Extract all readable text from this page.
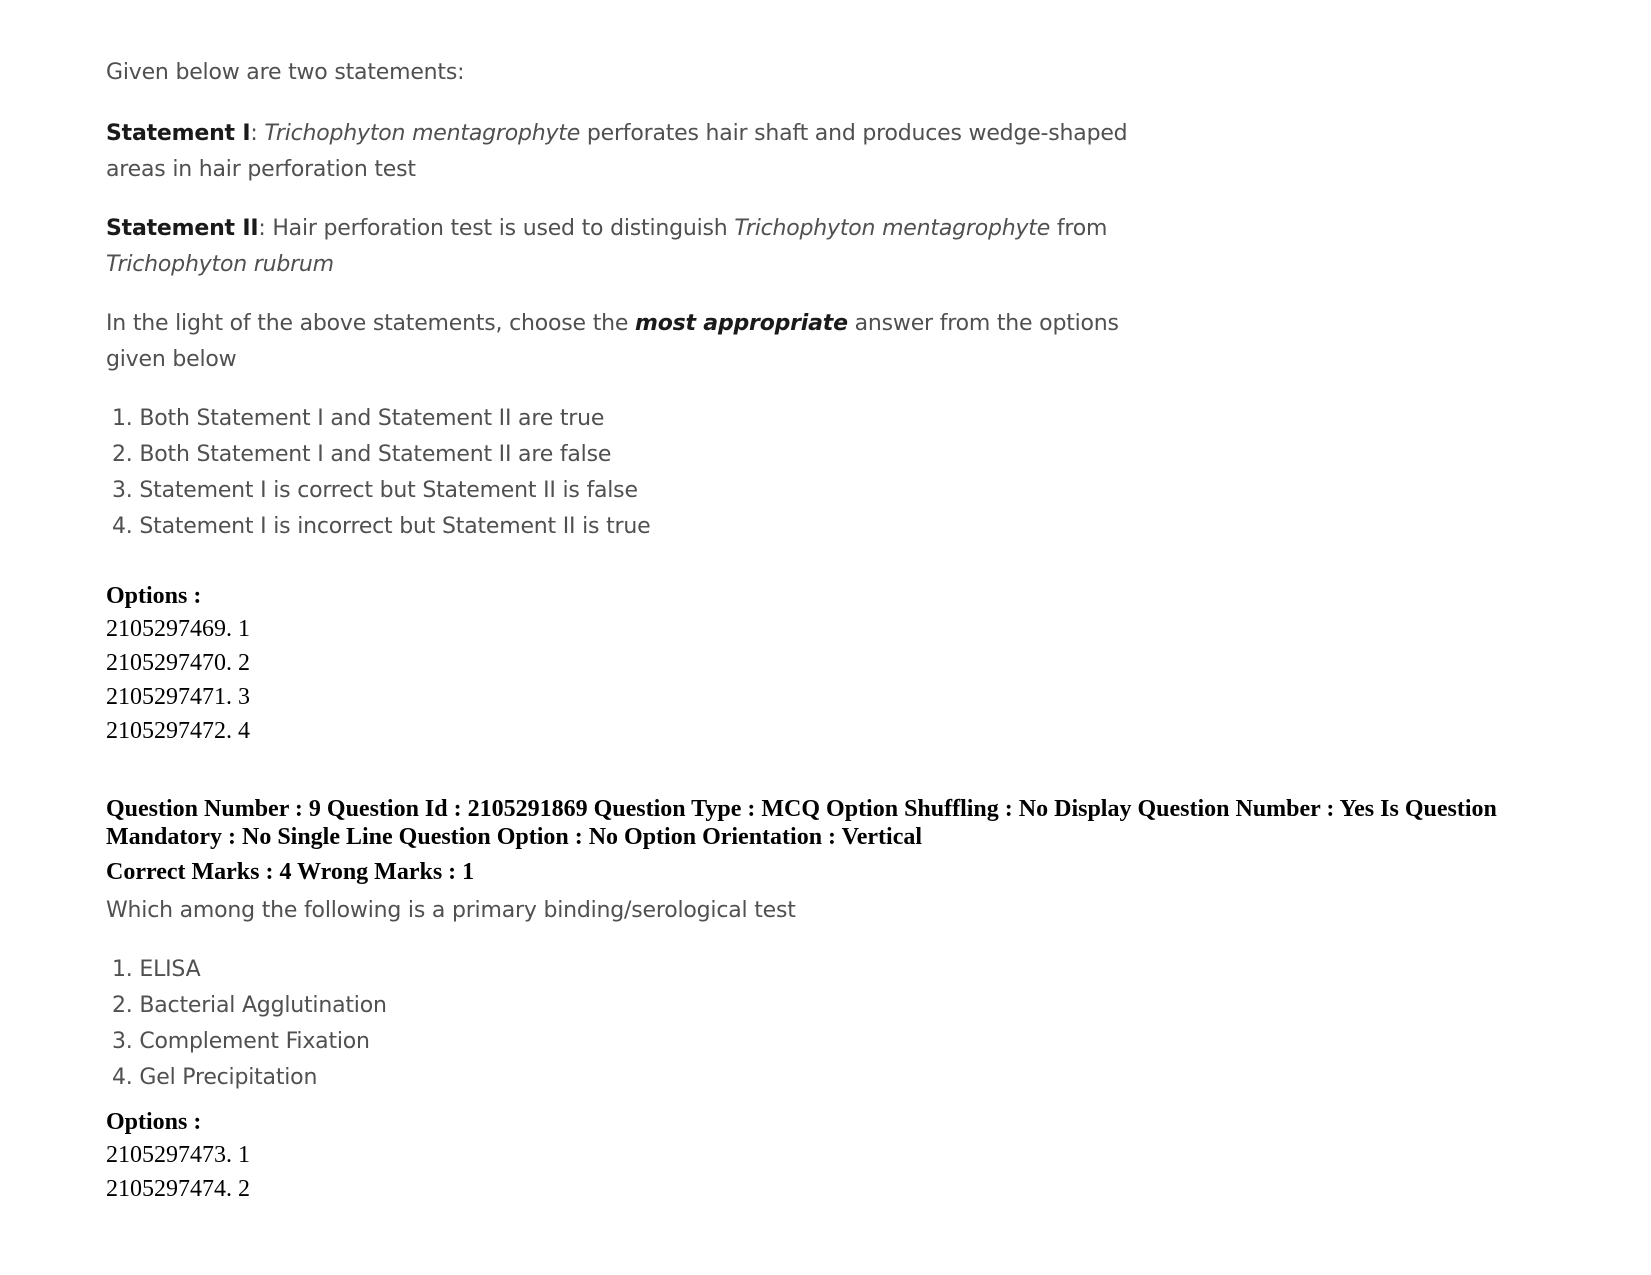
Given below are two statements:
Statement I: Trichophyton mentagrophyte perforates hair shaft and produces wedge-shaped
areas in hair perforation test
Statement II: Hair perforation test is used to distinguish Trichophyton mentagrophyte from
Trichophyton rubrum
In the light of the above statements, choose the most appropriate answer from the options
given below
1. Both Statement I and Statement II are true
2. Both Statement I and Statement II are false
3. Statement I is correct but Statement II is false
4. Statement I is incorrect but Statement II is true
Options :
2105297469. 1
2105297470. 2
2105297471. 3
2105297472. 4
Question Number : 9 Question Id : 2105291869 Question Type : MCQ Option Shuffling : No Display Question Number : Yes Is Question
Mandatory : No Single Line Question Option : No Option Orientation : Vertical
Correct Marks : 4 Wrong Marks : 1
Which among the following is a primary binding/serological test
1. ELISA
2. Bacterial Agglutination
3. Complement Fixation
4. Gel Precipitation
Options :
2105297473. 1
2105297474. 2
